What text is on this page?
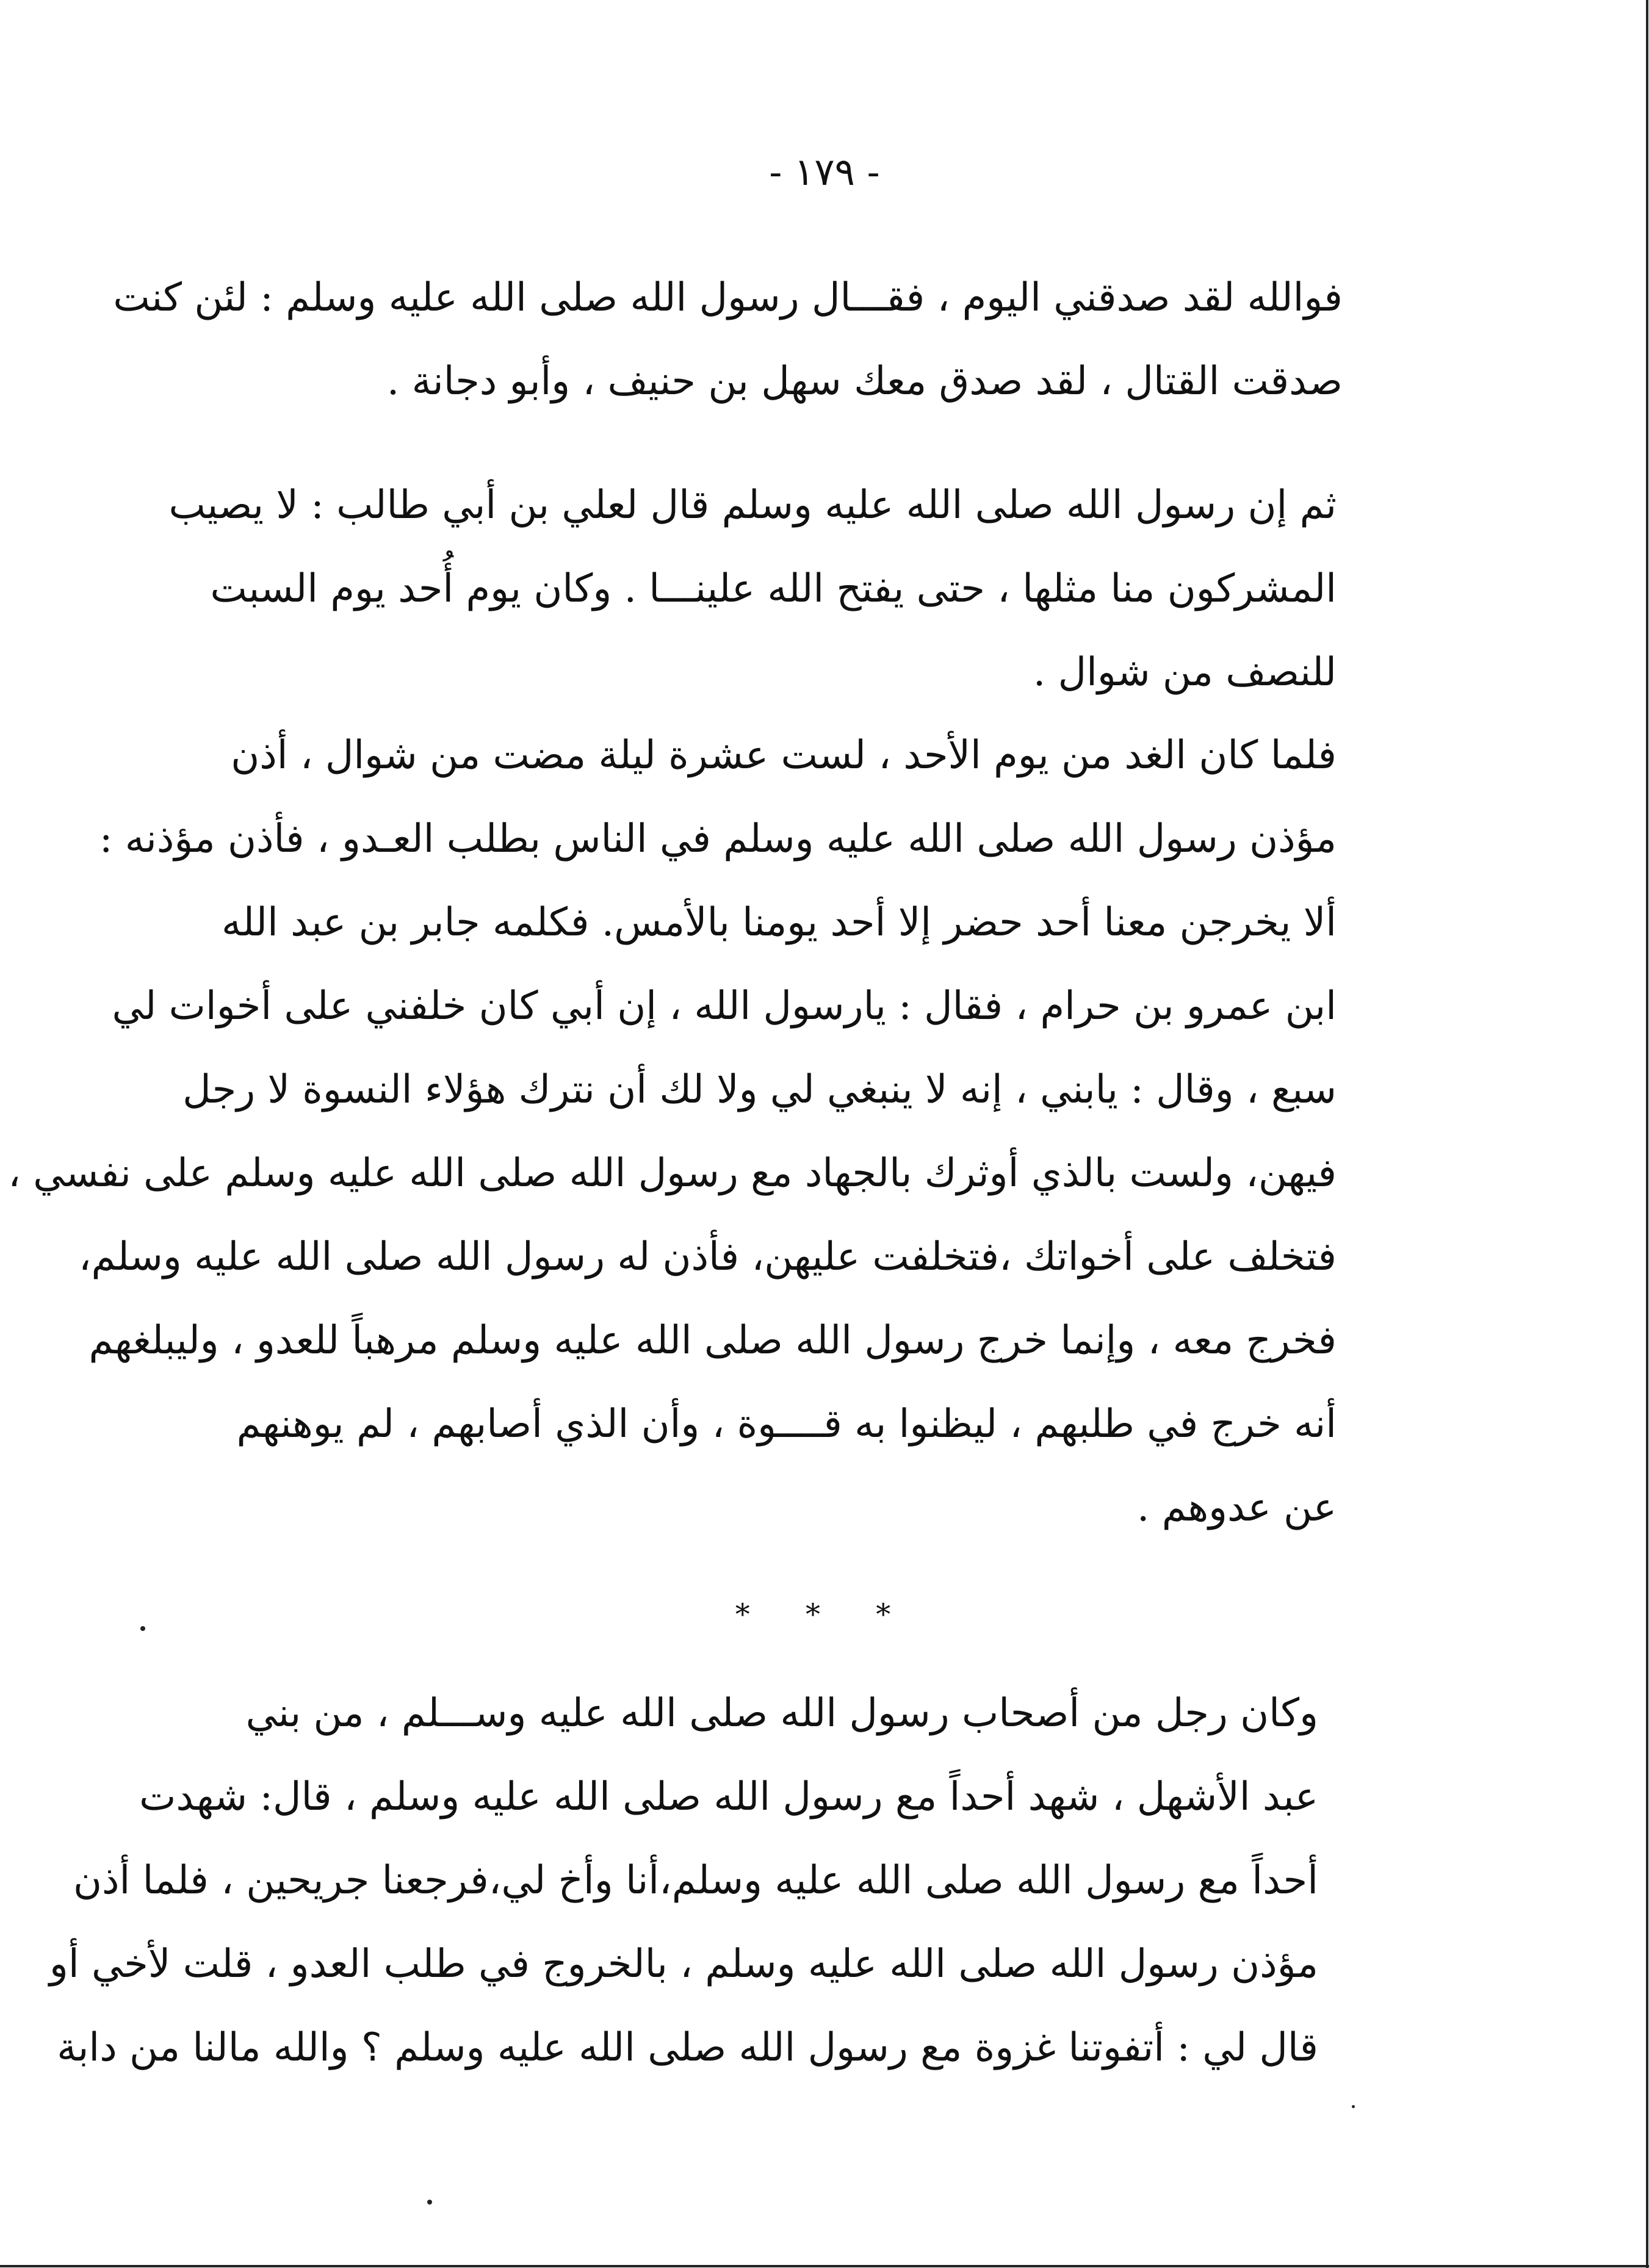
- ١٧٩ -
فوالله لقد صدقني اليوم ، فقـــال رسول الله صلى الله عليه وسلم : لئن كنت
صدقت القتال ، لقد صدق معك سهل بن حنيف ، وأبو دجانة .
ثم إن رسول الله صلى الله عليه وسلم قال لعلي بن أبي طالب : لا يصيب
المشركون منا مثلها ، حتى يفتح الله علينـــا . وكان يوم أُحد يوم السبت
للنصف من شوال .
فلما كان الغد من يوم الأحد ، لست عشرة ليلة مضت من شوال ، أذن
مؤذن رسول الله صلى الله عليه وسلم في الناس بطلب العـدو ، فأذن مؤذنه :
ألا يخرجن معنا أحد حضر إلا أحد يومنا بالأمس. فكلمه جابر بن عبد الله
ابن عمرو بن حرام ، فقال : يارسول الله ، إن أبي كان خلفني على أخوات لي
سبع ، وقال : يابني ، إنه لا ينبغي لي ولا لك أن نترك هؤلاء النسوة لا رجل
فيهن، ولست بالذي أوثرك بالجهاد مع رسول الله صلى الله عليه وسلم على نفسي ،
فتخلف على أخواتك ،فتخلفت عليهن، فأذن له رسول الله صلى الله عليه وسلم،
فخرج معه ، وإنما خرج رسول الله صلى الله عليه وسلم مرهباً للعدو ، وليبلغهم
أنه خرج في طلبهم ، ليظنوا به قــــوة ، وأن الذي أصابهم ، لم يوهنهم
عن عدوهم .
* * *
وكان رجل من أصحاب رسول الله صلى الله عليه وســـلم ، من بني
عبد الأشهل ، شهد أحداً مع رسول الله صلى الله عليه وسلم ، قال: شهدت
أحداً مع رسول الله صلى الله عليه وسلم،أنا وأخ لي،فرجعنا جريحين ، فلما أذن
مؤذن رسول الله صلى الله عليه وسلم ، بالخروج في طلب العدو ، قلت لأخي أو
قال لي : أتفوتنا غزوة مع رسول الله صلى الله عليه وسلم ؟ والله مالنا من دابة
